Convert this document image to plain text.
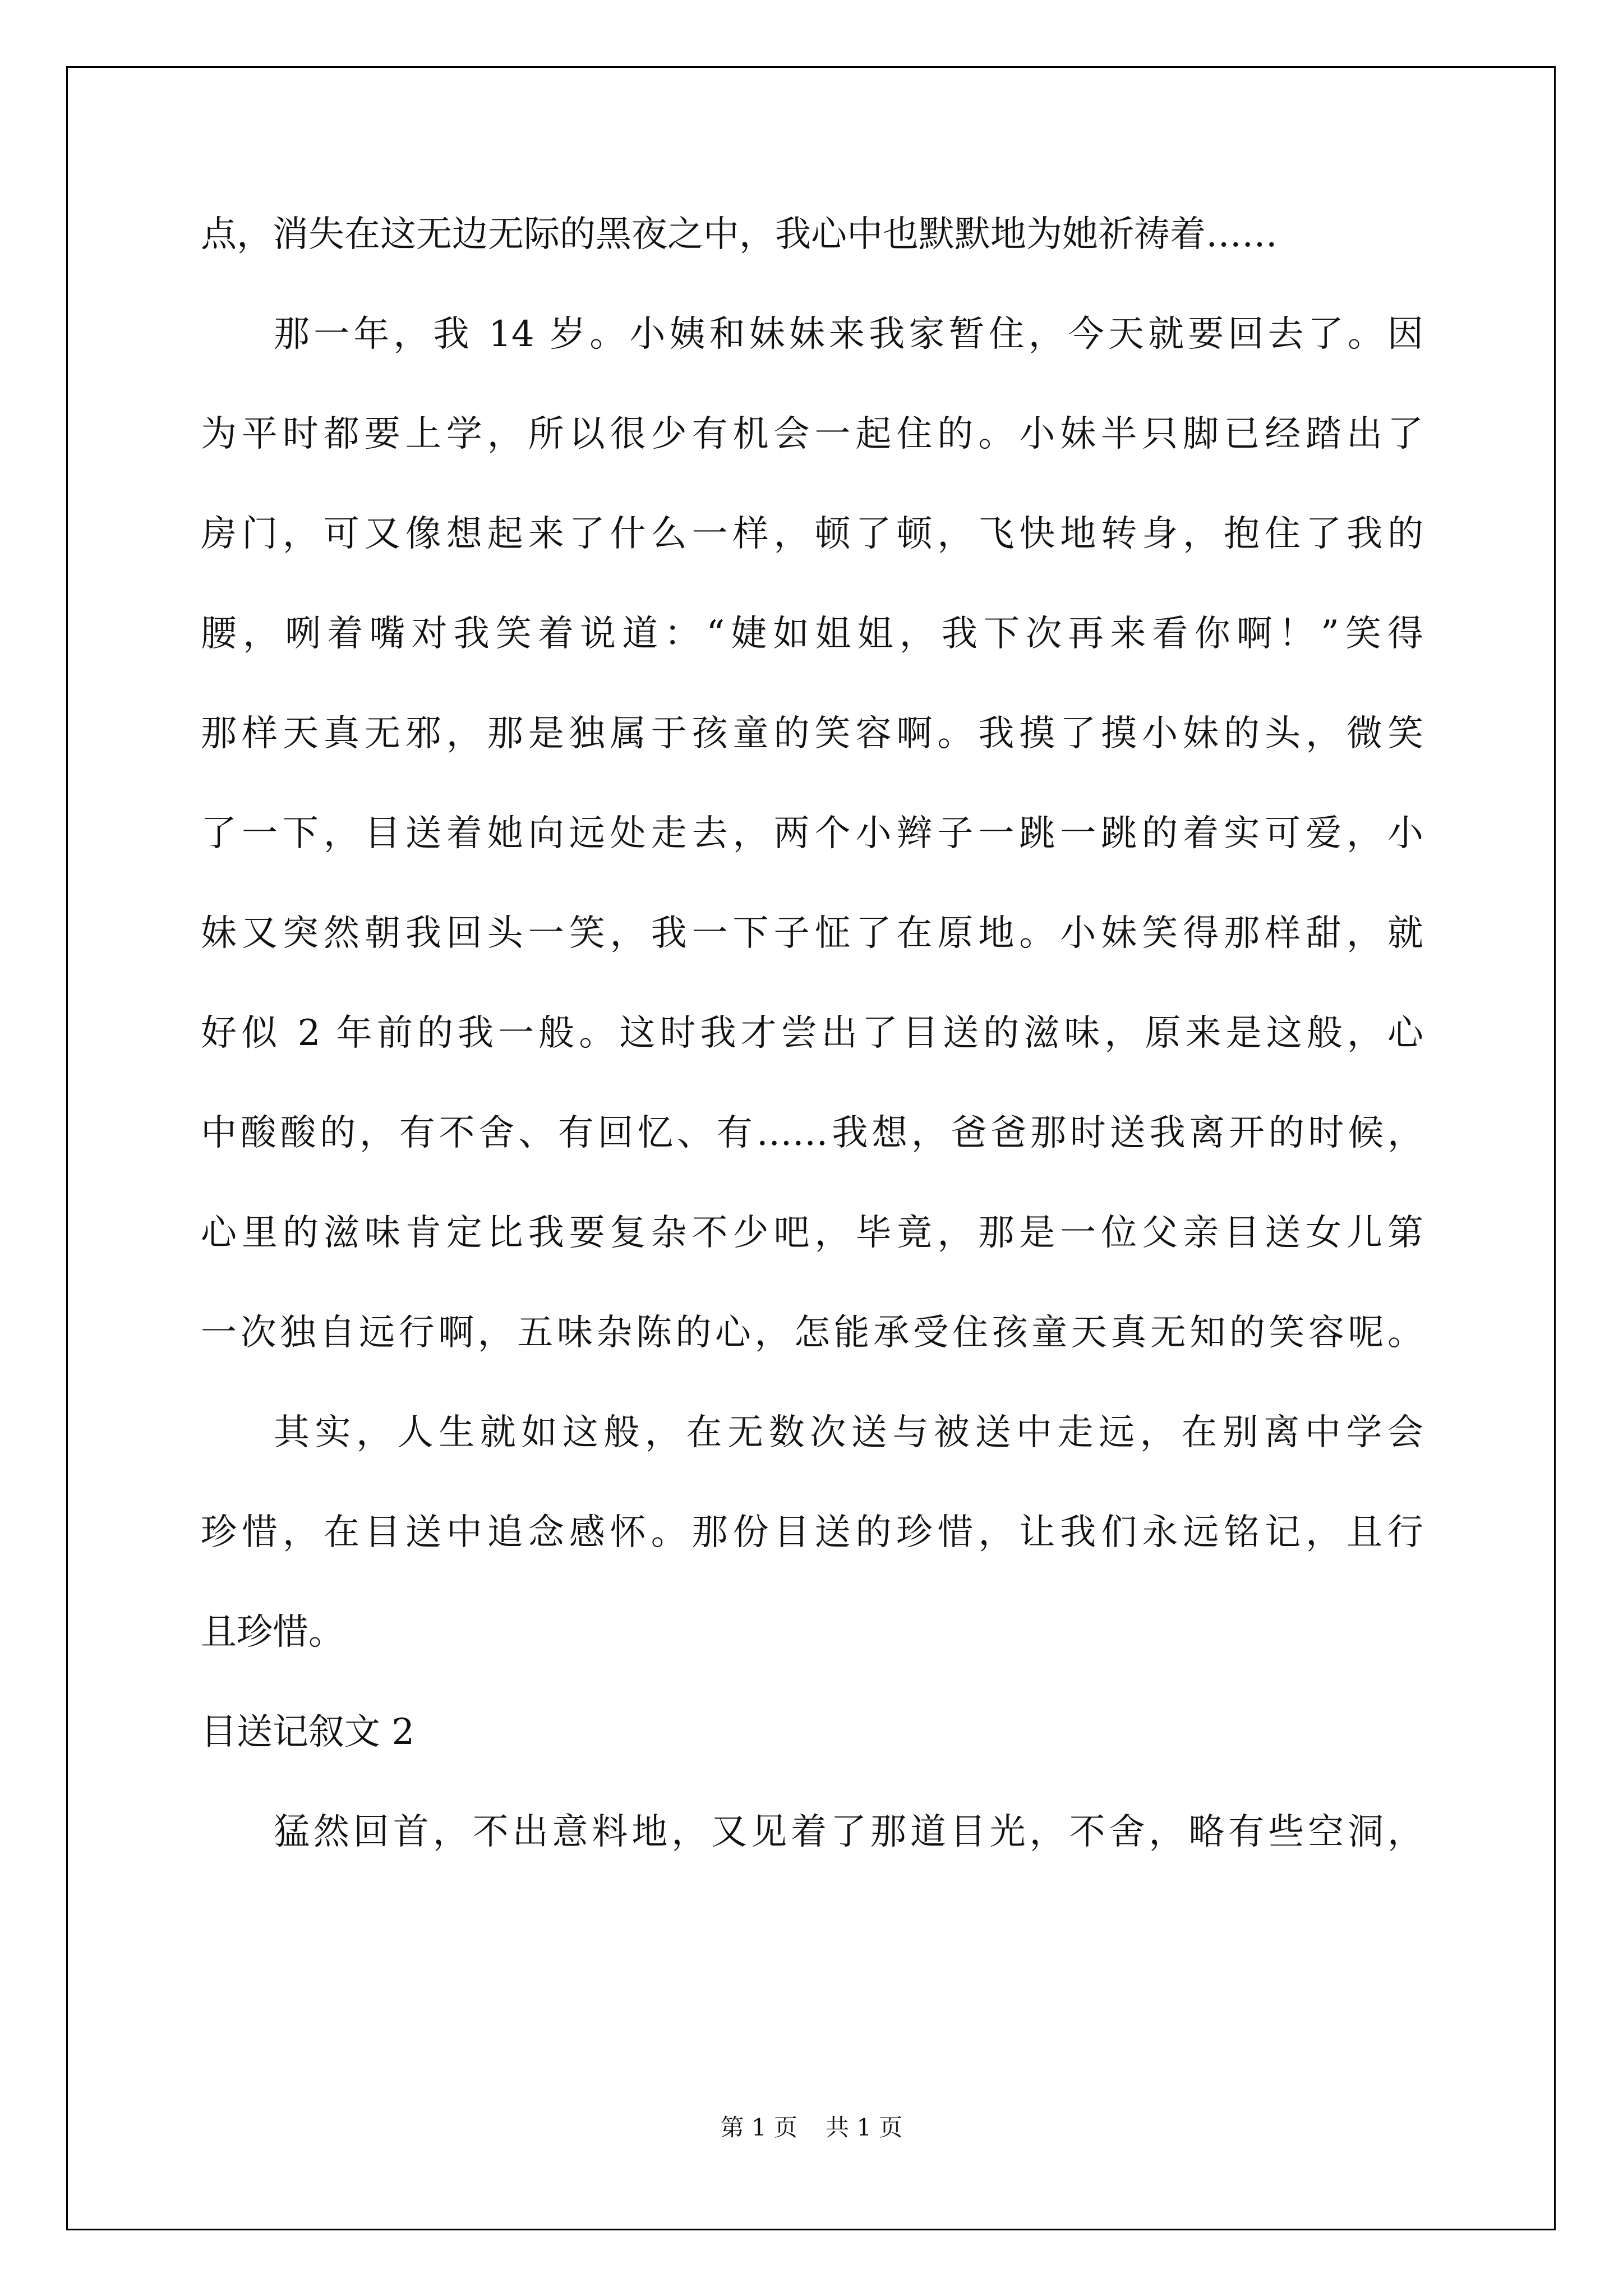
点，消失在这无边无际的黑夜之中，我心中也默默地为她祈祷着……
那一年，我 14 岁。小姨和妹妹来我家暂住，今天就要回去了。因
为平时都要上学，所以很少有机会一起住的。小妹半只脚已经踏出了
房门，可又像想起来了什么一样，顿了顿，飞快地转身，抱住了我的
腰，咧着嘴对我笑着说道：“婕如姐姐，我下次再来看你啊！”笑得
那样天真无邪，那是独属于孩童的笑容啊。我摸了摸小妹的头，微笑
了一下，目送着她向远处走去，两个小辫子一跳一跳的着实可爱，小
妹又突然朝我回头一笑，我一下子怔了在原地。小妹笑得那样甜，就
好似 2 年前的我一般。这时我才尝出了目送的滋味，原来是这般，心
中酸酸的，有不舍、有回忆、有……我想，爸爸那时送我离开的时候，
心里的滋味肯定比我要复杂不少吧，毕竟，那是一位父亲目送女儿第
一次独自远行啊，五味杂陈的心，怎能承受住孩童天真无知的笑容呢。
其实，人生就如这般，在无数次送与被送中走远，在别离中学会
珍惜，在目送中追念感怀。那份目送的珍惜，让我们永远铭记，且行
且珍惜。
目送记叙文 2
猛然回首，不出意料地，又见着了那道目光，不舍，略有些空洞，
第 1 页 共 1 页
